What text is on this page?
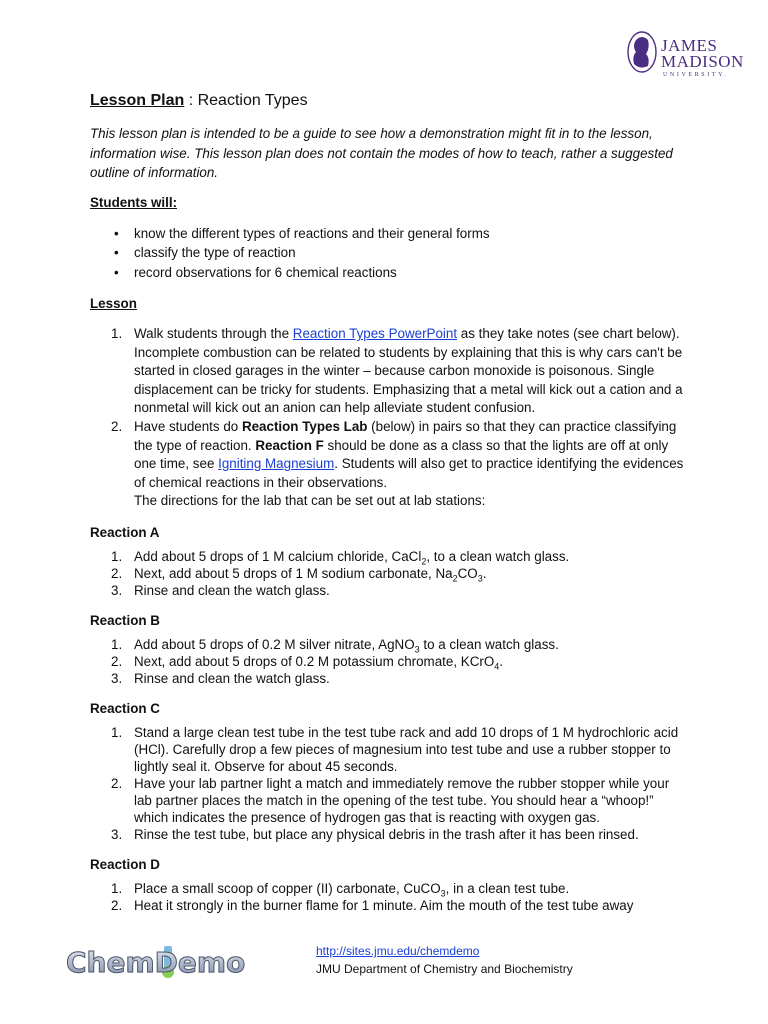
JAMES
MADISON
UNIVERSITY.
Lesson Plan : Reaction Types

This lesson plan is intended to be a guide to see how a demonstration might fit in to the lesson, information wise. This lesson plan does not contain the modes of how to teach, rather a suggested outline of information.

Students will:
• know the different types of reactions and their general forms
• classify the type of reaction
• record observations for 6 chemical reactions
Lesson
1. Walk students through the Reaction Types PowerPoint as they take notes (see chart below). Incomplete combustion can be related to students by explaining that this is why cars can't be started in closed garages in the winter – because carbon monoxide is poisonous. Single displacement can be tricky for students. Emphasizing that a metal will kick out a cation and a nonmetal will kick out an anion can help alleviate student confusion.
2. Have students do Reaction Types Lab (below) in pairs so that they can practice classifying the type of reaction. Reaction F should be done as a class so that the lights are off at only one time, see Igniting Magnesium. Students will also get to practice identifying the evidences of chemical reactions in their observations.
The directions for the lab that can be set out at lab stations:
Reaction A
1. Add about 5 drops of 1 M calcium chloride, CaCl$_2$, to a clean watch glass.
2. Next, add about 5 drops of 1 M sodium carbonate, $Na_2CO_3$.
3. Rinse and clean the watch glass.
Reaction B
1. Add about 5 drops of 0.2 M silver nitrate, AgNO$_3$ to a clean watch glass.
2. Next, add about 5 drops of 0.2 M potassium chromate, KCrO$_4$.
3. Rinse and clean the watch glass.
Reaction C
1. Stand a large clean test tube in the test tube rack and add 10 drops of 1 M hydrochloric acid (HCl). Carefully drop a few pieces of magnesium into test tube and use a rubber stopper to lightly seal it. Observe for about 45 seconds.
2. Have your lab partner light a match and immediately remove the rubber stopper while your lab partner places the match in the opening of the test tube. You should hear a “whoop!” which indicates the presence of hydrogen gas that is reacting with oxygen gas.
3. Rinse the test tube, but place any physical debris in the trash after it has been rinsed.
Reaction D
1. Place a small scoop of copper (II) carbonate, CuCO$_3$, in a clean test tube.
2. Heat it strongly in the burner flame for 1 minute. Aim the mouth of the test tube away
ChemDemo	http://sites.jmu.edu/chemdemo
JMU Department of Chemistry and Biochemistry
